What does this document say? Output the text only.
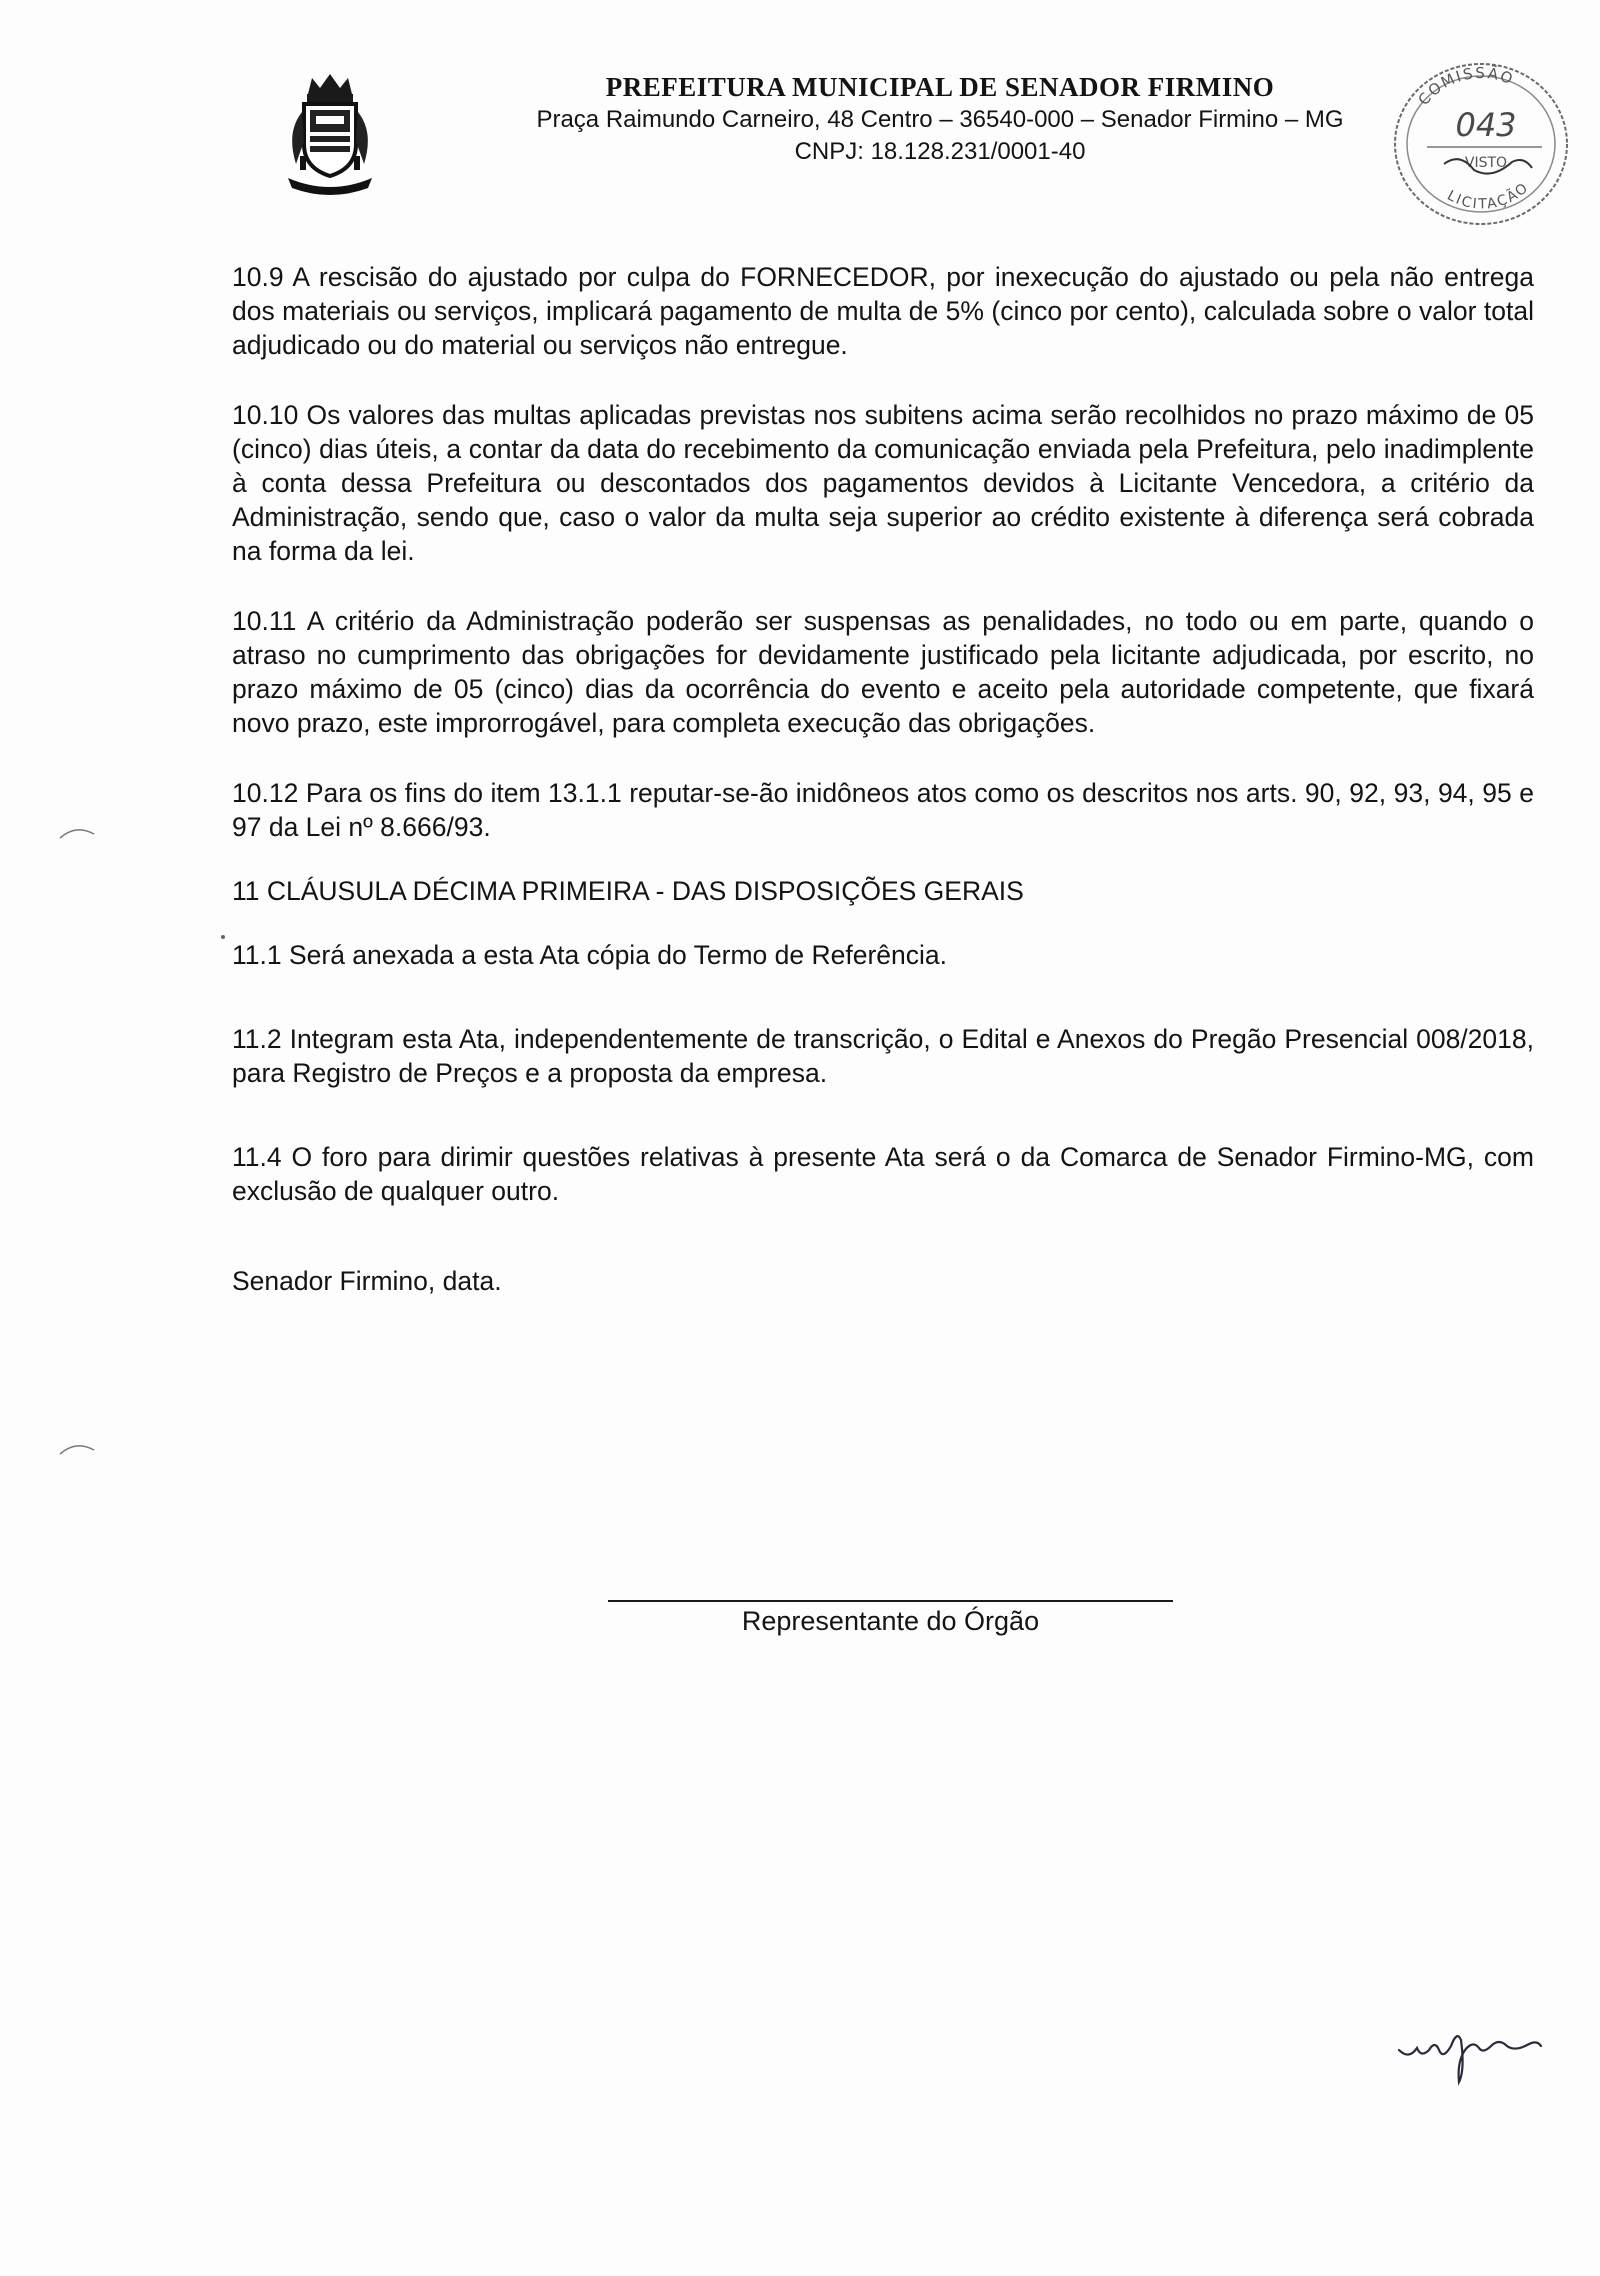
PREFEITURA MUNICIPAL DE SENADOR FIRMINO

Praça Raimundo Carneiro, 48 Centro – 36540-000 – Senador Firmino – MG

CNPJ: 18.128.231/0001-40

COMISSÃO
043
VISTO
LICITAÇÃO

10.9 A rescisão do ajustado por culpa do FORNECEDOR, por inexecução do ajustado ou pela não entrega dos materiais ou serviços, implicará pagamento de multa de 5% (cinco por cento), calculada sobre o valor total adjudicado ou do material ou serviços não entregue.

10.10 Os valores das multas aplicadas previstas nos subitens acima serão recolhidos no prazo máximo de 05 (cinco) dias úteis, a contar da data do recebimento da comunicação enviada pela Prefeitura, pelo inadimplente à conta dessa Prefeitura ou descontados dos pagamentos devidos à Licitante Vencedora, a critério da Administração, sendo que, caso o valor da multa seja superior ao crédito existente à diferença será cobrada na forma da lei.

10.11 A critério da Administração poderão ser suspensas as penalidades, no todo ou em parte, quando o atraso no cumprimento das obrigações for devidamente justificado pela licitante adjudicada, por escrito, no prazo máximo de 05 (cinco) dias da ocorrência do evento e aceito pela autoridade competente, que fixará novo prazo, este improrrogável, para completa execução das obrigações.

10.12 Para os fins do item 13.1.1 reputar-se-ão inidôneos atos como os descritos nos arts. 90, 92, 93, 94, 95 e 97 da Lei nº 8.666/93.

11 CLÁUSULA DÉCIMA PRIMEIRA - DAS DISPOSIÇÕES GERAIS

11.1 Será anexada a esta Ata cópia do Termo de Referência.

11.2 Integram esta Ata, independentemente de transcrição, o Edital e Anexos do Pregão Presencial 008/2018, para Registro de Preços e a proposta da empresa.

11.4 O foro para dirimir questões relativas à presente Ata será o da Comarca de Senador Firmino-MG, com exclusão de qualquer outro.

Senador Firmino, data.

Representante do Órgão
